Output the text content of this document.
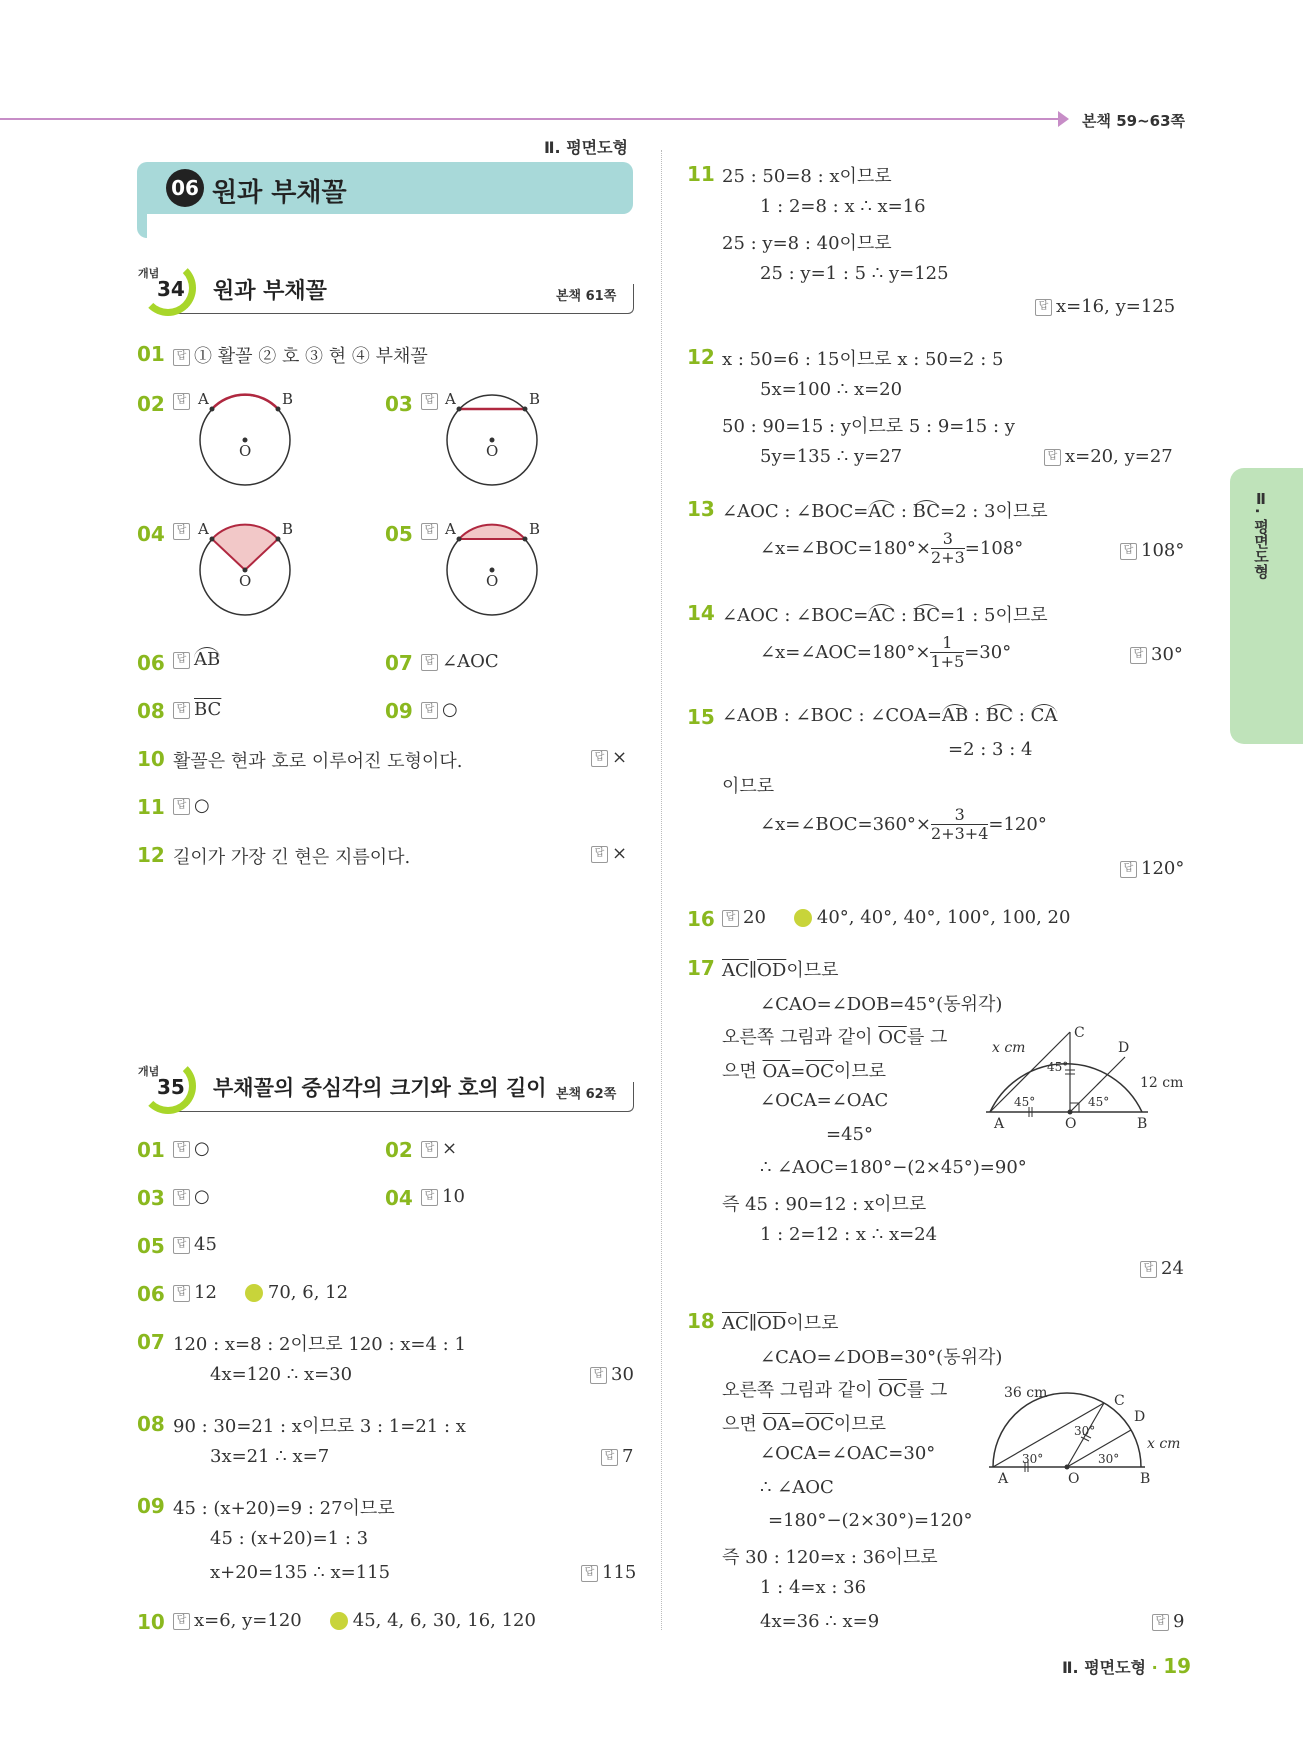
본책 59~63쪽
Ⅱ. 평면도형
Ⅱ. 평면도형
06 원과 부채꼴
개념
34 원과 부채꼴	본책 61쪽
01	답 ① 활꼴 ② 호 ③ 현 ④ 부채꼴
02	답 A	B
O
03	답 A	B
O
04	답 A	B
O
05	답 A	B
O
06	답 AB	07	답 ∠AOC
08	답 $\overline{BC}$	09	답 ○
10 활꼴은 현과 호로 이루어진 도형이다.	답 ×
11	답 ○
12 길이가 가장 긴 현은 지름이다.	답 ×
개념
35 부채꼴의 중심각의 크기와 호의 길이 본책 62쪽
01	답 ○	02	답 ×
03	답 ○	04	답 10
05	답 45
06	답 12	70, 6, 12
07 120 : x=8 : 2이므로 120 : x=4 : 1
4x=120 ∴ x=30	답 30
08 90 : 30=21 : x이므로 3 : 1=21 : x
3x=21 ∴ x=7	답 7
09 45 : (x+20)=9 : 27이므로
45 : (x+20)=1 : 3
x+20=135 ∴ x=115	답 115
10	답 x=6, y=120	45, 4, 6, 30, 16, 120
11 25 : 50=8 : x이므로
1 : 2=8 : x ∴ x=16
25 : y=8 : 40이므로
25 : y=1 : 5 ∴ y=125
답 x=16, y=125
12 x : 50=6 : 15이므로 x : 50=2 : 5
5x=100 ∴ x=20
50 : 90=15 : y이므로 5 : 9=15 : y
5y=135 ∴ y=27	답 x=20, y=27
13 ∠AOC : ∠BOC=AC : BC=2 : 3이므로
∠x=∠BOC=180°× $\frac{3}{2+3} =108^\circ$	답 108°
14 ∠AOC : ∠BOC=AC : BC=1 : 5이므로
∠x=∠AOC=180°× $\frac{1}{1+5} =30^\circ$	답 30°
15 ∠AOB : ∠BOC : ∠COA=AB : BC : CA
=2 : 3 : 4
이므로
∠x=∠BOC=360°× $\frac{3}{2+3+4} =120^\circ$
답 120°
16	답 20	40°, 40°, 40°, 100°, 100, 20
17 $\overline{AC}\parallel\overline{OD}$이므로
∠CAO=∠DOB=45°(동위각)
오른쪽 그림과 같이 $\overline{OC}$를 그
으면 $\overline{OA}=\overline{OC}$이므로
∠OCA=∠OAC
=45°
∴ ∠AOC=180°−(2×45°)=90°
즉 45 : 90=12 : x이므로
1 : 2=12 : x ∴ x=24
답 24
x cm
C
D
12 cm
45°
45°	45°
A	O	B
18 $\overline{AC}\parallel\overline{OD}$이므로
∠CAO=∠DOB=30°(동위각)
오른쪽 그림과 같이 $\overline{OC}$를 그
으면 $\overline{OA}=\overline{OC}$이므로
∠OCA=∠OAC=30°
∴ ∠AOC
=180°−(2×30°)=120°
즉 30 : 120=x : 36이므로
1 : 4=x : 36
4x=36 ∴ x=9	답 9
36 cm	C
D
x cm
30°
30°	30°
A	O	B
Ⅱ. 평면도형 · 19
